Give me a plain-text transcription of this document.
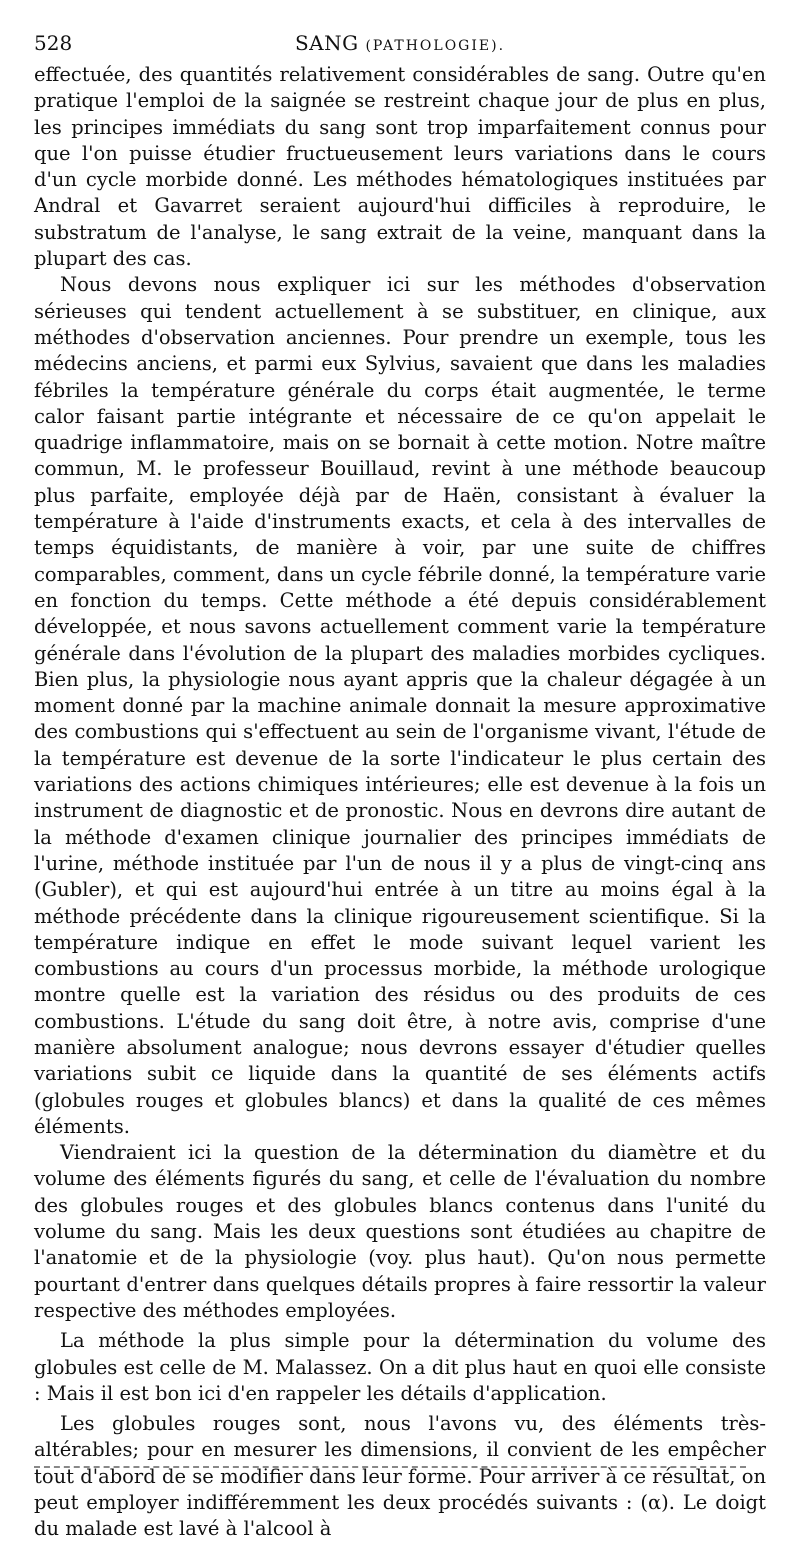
528	SANG (PATHOLOGIE).

effectuée, des quantités relativement considérables de sang. Outre qu'en pratique l'emploi de la saignée se restreint chaque jour de plus en plus, les principes immédiats du sang sont trop imparfaitement connus pour que l'on puisse étudier fructueusement leurs variations dans le cours d'un cycle morbide donné. Les méthodes hématologiques instituées par Andral et Gavarret seraient aujourd'hui difficiles à reproduire, le substratum de l'analyse, le sang extrait de la veine, manquant dans la plupart des cas.

Nous devons nous expliquer ici sur les méthodes d'observation sérieuses qui tendent actuellement à se substituer, en clinique, aux méthodes d'observation anciennes. Pour prendre un exemple, tous les médecins anciens, et parmi eux Sylvius, savaient que dans les maladies fébriles la température générale du corps était augmentée, le terme calor faisant partie intégrante et nécessaire de ce qu'on appelait le quadrige inflammatoire, mais on se bornait à cette motion. Notre maître commun, M. le professeur Bouillaud, revint à une méthode beaucoup plus parfaite, employée déjà par de Haën, consistant à évaluer la température à l'aide d'instruments exacts, et cela à des intervalles de temps équidistants, de manière à voir, par une suite de chiffres comparables, comment, dans un cycle fébrile donné, la température varie en fonction du temps. Cette méthode a été depuis considérablement développée, et nous savons actuellement comment varie la température générale dans l'évolution de la plupart des maladies morbides cycliques. Bien plus, la physiologie nous ayant appris que la chaleur dégagée à un moment donné par la machine animale donnait la mesure approximative des combustions qui s'effectuent au sein de l'organisme vivant, l'étude de la température est devenue de la sorte l'indicateur le plus certain des variations des actions chimiques intérieures; elle est devenue à la fois un instrument de diagnostic et de pronostic. Nous en devrons dire autant de la méthode d'examen clinique journalier des principes immédiats de l'urine, méthode instituée par l'un de nous il y a plus de vingt-cinq ans (Gubler), et qui est aujourd'hui entrée à un titre au moins égal à la méthode précédente dans la clinique rigoureusement scientifique. Si la température indique en effet le mode suivant lequel varient les combustions au cours d'un processus morbide, la méthode urologique montre quelle est la variation des résidus ou des produits de ces combustions. L'étude du sang doit être, à notre avis, comprise d'une manière absolument analogue; nous devrons essayer d'étudier quelles variations subit ce liquide dans la quantité de ses éléments actifs (globules rouges et globules blancs) et dans la qualité de ces mêmes éléments.

Viendraient ici la question de la détermination du diamètre et du volume des éléments figurés du sang, et celle de l'évaluation du nombre des globules rouges et des globules blancs contenus dans l'unité du volume du sang. Mais les deux questions sont étudiées au chapitre de l'anatomie et de la physiologie (voy. plus haut). Qu'on nous permette pourtant d'entrer dans quelques détails propres à faire ressortir la valeur respective des méthodes employées.

La méthode la plus simple pour la détermination du volume des globules est celle de M. Malassez. On a dit plus haut en quoi elle consiste : Mais il est bon ici d'en rappeler les détails d'application.

Les globules rouges sont, nous l'avons vu, des éléments très-altérables; pour en mesurer les dimensions, il convient de les empêcher tout d'abord de se modifier dans leur forme. Pour arriver à ce résultat, on peut employer indifféremment les deux procédés suivants : (α). Le doigt du malade est lavé à l'alcool à
